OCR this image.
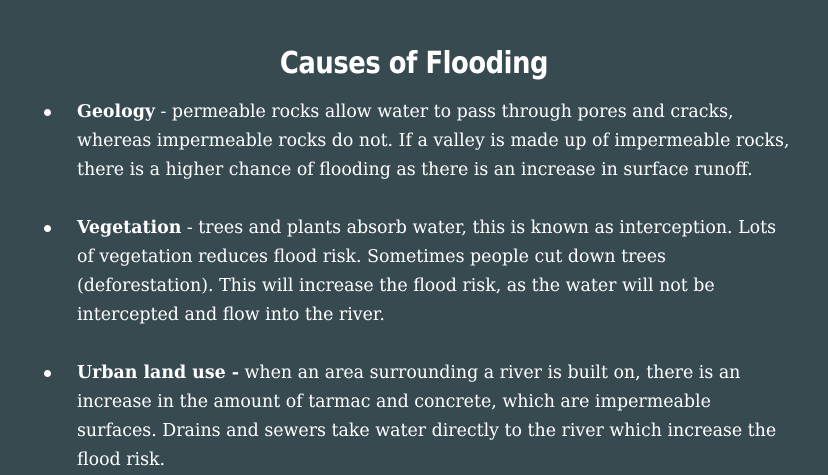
Causes of Flooding
Geology - permeable rocks allow water to pass through pores and cracks, whereas impermeable rocks do not. If a valley is made up of impermeable rocks, there is a higher chance of flooding as there is an increase in surface runoff.
Vegetation - trees and plants absorb water, this is known as interception. Lots of vegetation reduces flood risk. Sometimes people cut down trees (deforestation). This will increase the flood risk, as the water will not be intercepted and flow into the river.
Urban land use - when an area surrounding a river is built on, there is an increase in the amount of tarmac and concrete, which are impermeable surfaces. Drains and sewers take water directly to the river which increase the flood risk.
